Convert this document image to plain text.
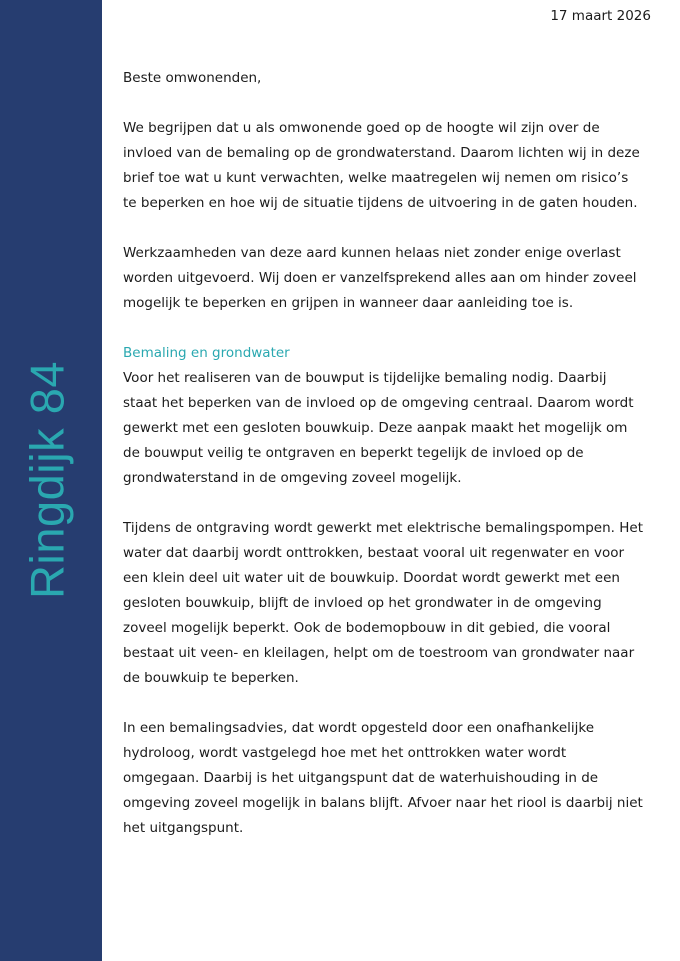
Ringdijk 84
17 maart 2026

Beste omwonenden,

We begrijpen dat u als omwonende goed op de hoogte wil zijn over de invloed van de bemaling op de grondwaterstand. Daarom lichten wij in deze brief toe wat u kunt verwachten, welke maatregelen wij nemen om risico’s te beperken en hoe wij de situatie tijdens de uitvoering in de gaten houden.

Werkzaamheden van deze aard kunnen helaas niet zonder enige overlast worden uitgevoerd. Wij doen er vanzelfsprekend alles aan om hinder zoveel mogelijk te beperken en grijpen in wanneer daar aanleiding toe is.

Bemaling en grondwater

Voor het realiseren van de bouwput is tijdelijke bemaling nodig. Daarbij staat het beperken van de invloed op de omgeving centraal. Daarom wordt gewerkt met een gesloten bouwkuip. Deze aanpak maakt het mogelijk om de bouwput veilig te ontgraven en beperkt tegelijk de invloed op de grondwaterstand in de omgeving zoveel mogelijk.

Tijdens de ontgraving wordt gewerkt met elektrische bemalingspompen. Het water dat daarbij wordt onttrokken, bestaat vooral uit regenwater en voor een klein deel uit water uit de bouwkuip. Doordat wordt gewerkt met een gesloten bouwkuip, blijft de invloed op het grondwater in de omgeving zoveel mogelijk beperkt. Ook de bodemopbouw in dit gebied, die vooral bestaat uit veen- en kleilagen, helpt om de toestroom van grondwater naar de bouwkuip te beperken.

In een bemalingsadvies, dat wordt opgesteld door een onafhankelijke hydroloog, wordt vastgelegd hoe met het onttrokken water wordt omgegaan. Daarbij is het uitgangspunt dat de waterhuishouding in de omgeving zoveel mogelijk in balans blijft. Afvoer naar het riool is daarbij niet het uitgangspunt.
